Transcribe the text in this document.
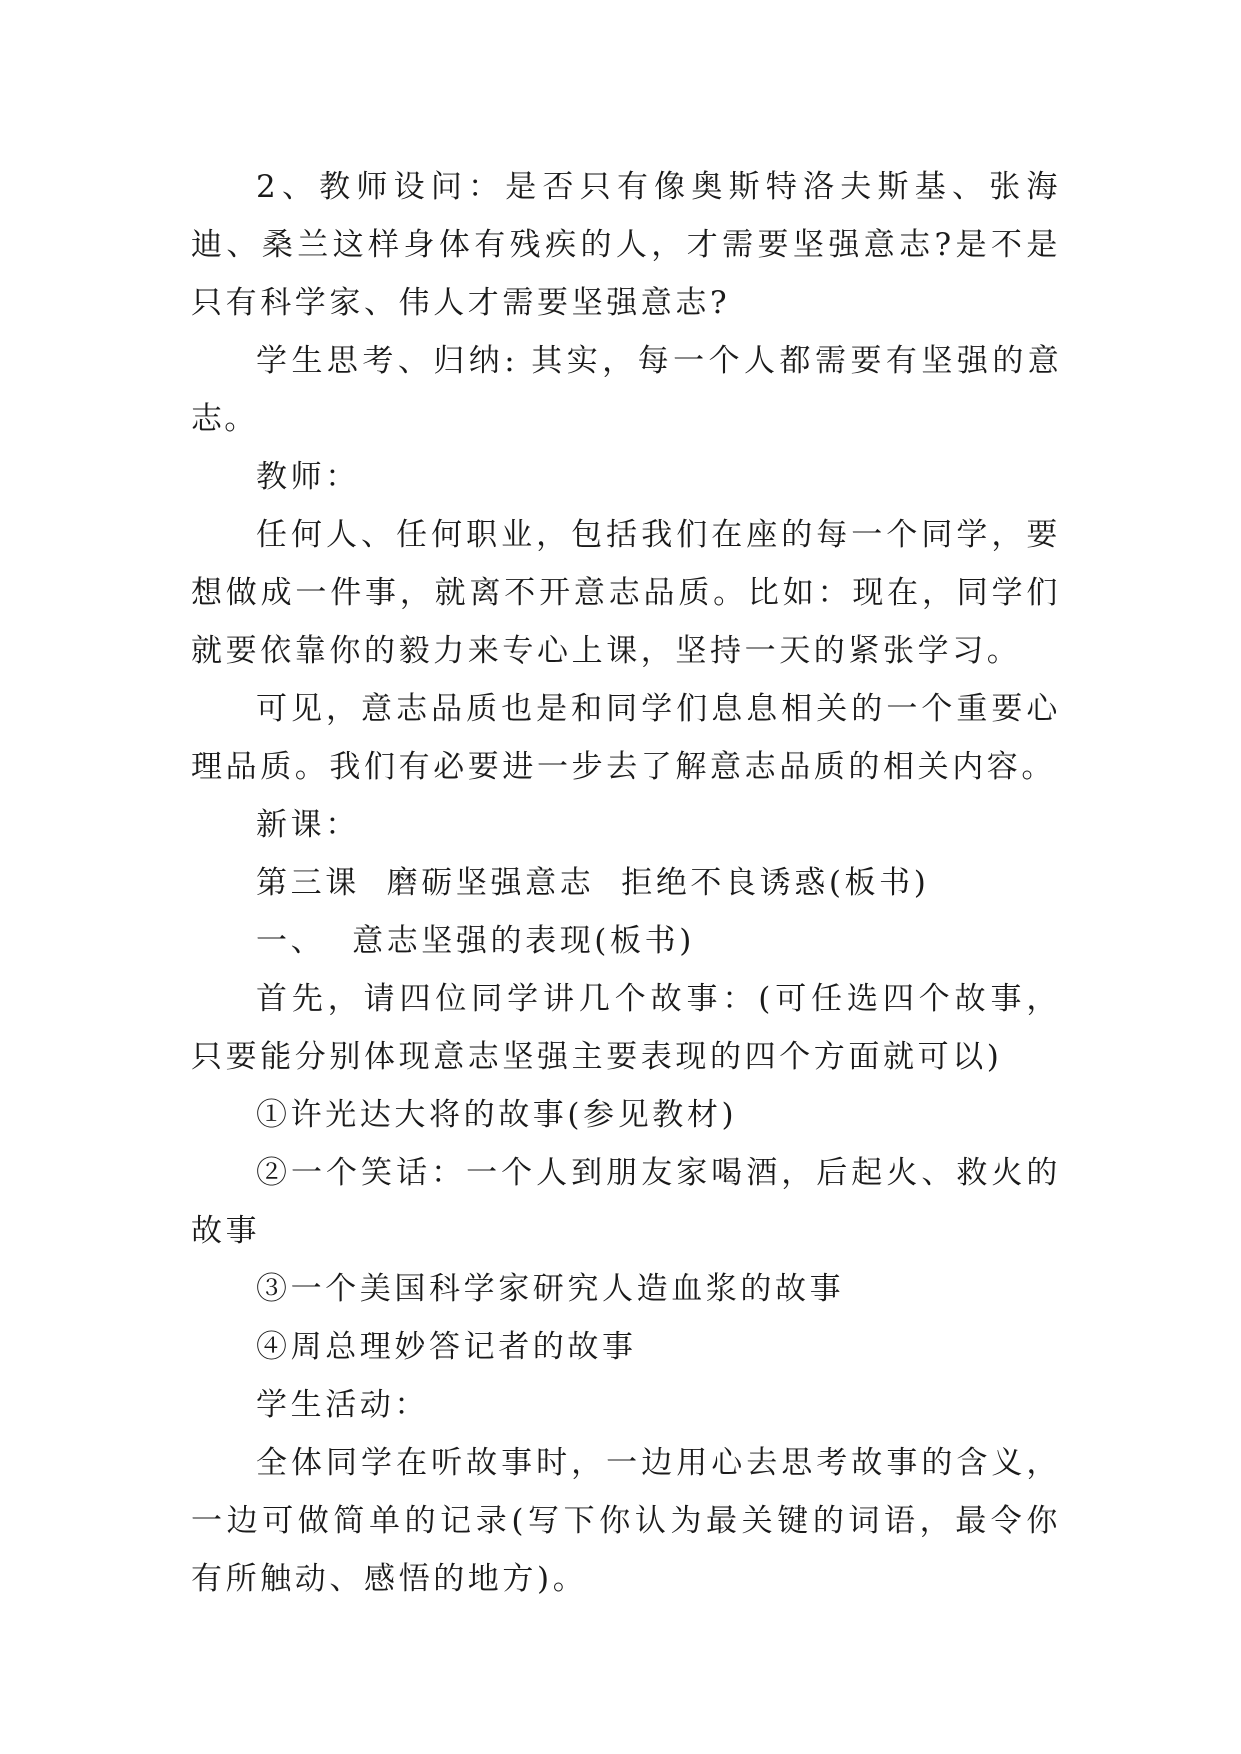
2、教师设问：是否只有像奥斯特洛夫斯基、张海迪、桑兰这样身体有残疾的人，才需要坚强意志?是不是只有科学家、伟人才需要坚强意志?

学生思考、归纳: 其实，每一个人都需要有坚强的意志。

教师：

任何人、任何职业，包括我们在座的每一个同学，要想做成一件事，就离不开意志品质。比如：现在，同学们就要依靠你的毅力来专心上课，坚持一天的紧张学习。

可见，意志品质也是和同学们息息相关的一个重要心理品质。我们有必要进一步去了解意志品质的相关内容。

新课：

第三课  磨砺坚强意志  拒绝不良诱惑(板书)

一、  意志坚强的表现(板书)

首先，请四位同学讲几个故事：(可任选四个故事，只要能分别体现意志坚强主要表现的四个方面就可以)

①许光达大将的故事(参见教材)

②一个笑话：一个人到朋友家喝酒，后起火、救火的故事

③一个美国科学家研究人造血浆的故事

④周总理妙答记者的故事

学生活动：

全体同学在听故事时，一边用心去思考故事的含义，一边可做简单的记录(写下你认为最关键的词语，最令你有所触动、感悟的地方)。
